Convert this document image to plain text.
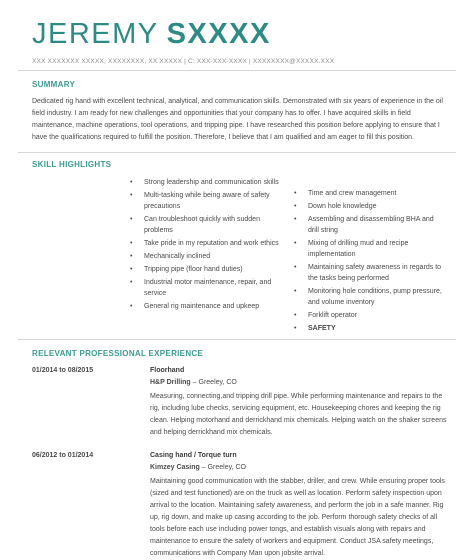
JEREMY SXXXX
XXX XXXXXXX XXXXX, XXXXXXXX, XX XXXXX | C: XXX-XXX-XXXX | XXXXXXXX@XXXXX.XXX
SUMMARY
Dedicated rig hand with excellent technical, analytical, and communication skills. Demonstrated with six years of experience in the oil field industry. I am ready for new challenges and opportunities that your company has to offer. I have acquired skills in field maintenance, machine operations, tool operations, and tripping pipe. I have researched this position before applying to ensure that I have the qualifications required to fulfill the position. Therefore, I believe that I am qualified and am eager to fill this position.
SKILL HIGHLIGHTS
• Strong leadership and communication skills
• Multi-tasking while being aware of safety precautions
• Can troubleshoot quickly with sudden problems
• Take pride in my reputation and work ethics
• Mechanically inclined
• Tripping pipe (floor hand duties)
• Industrial motor maintenance, repair, and service
• General rig maintenance and upkeep
• Time and crew management
• Down hole knowledge
• Assembling and disassembling BHA and drill string
• Mixing of drilling mud and recipe implementation
• Maintaining safety awareness in regards to the tasks being performed
• Monitoring hole conditions, pump pressure, and volume inventory
• Forklift operator
• SAFETY
RELEVANT PROFESSIONAL EXPERIENCE
01/2014 to 08/2015	Floorhand
H&P Drilling – Greeley, CO
Measuring, connecting,and tripping drill pipe. While performing maintenance and repairs to the rig, including lube checks, servicing equipment, etc. Housekeeping chores and keeping the rig clean. Helping motorhand and derrickhand mix chemicals. Helping watch on the shaker screens and helping derrickhand mix chemicals.
06/2012 to 01/2014	Casing hand / Torque turn
Kimzey Casing – Greeley, CO
Maintaining good communication with the stabber, driller, and crew. While ensuring proper tools (sized and test functioned) are on the truck as well as location. Perform safety inspection upon arrival to the location. Maintaining safety awareness, and perform the job in a safe manner. Rig up, rig down, and make up casing according to the job. Perform thorough safety checks of all tools before each use including power tongs, and establish visuals along with repairs and maintenance to ensure the safety of workers and equipment. Conduct JSA safety meetings, communications with Company Man upon jobsite arrival.
